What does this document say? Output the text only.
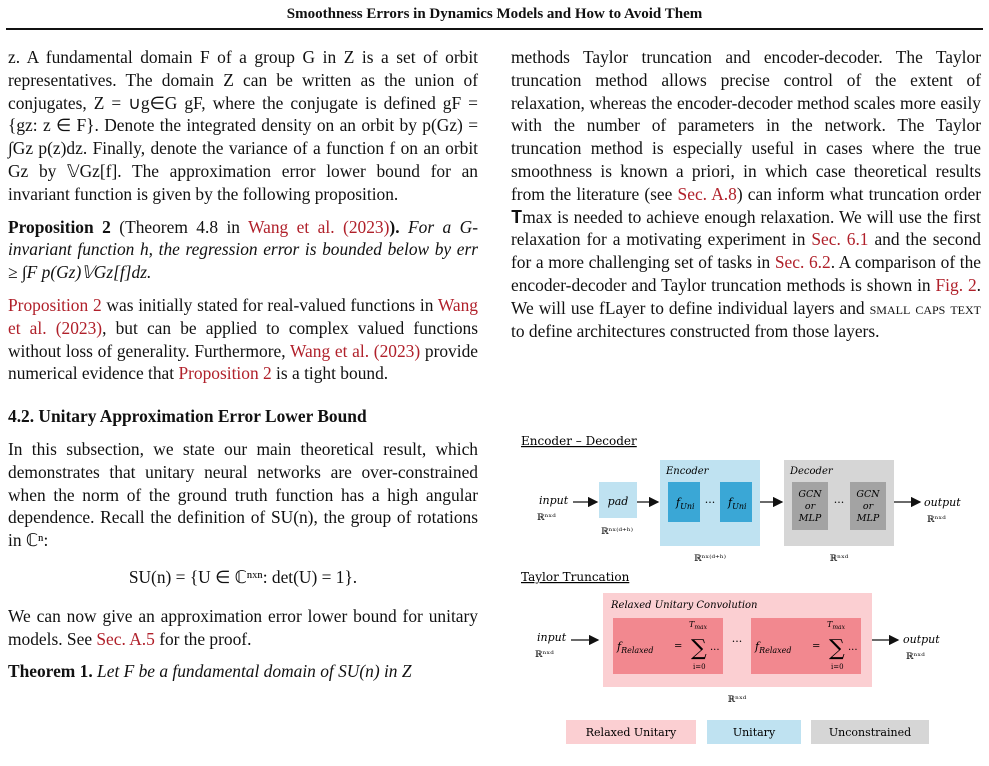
Smoothness Errors in Dynamics Models and How to Avoid Them

z. A fundamental domain F of a group G in Z is a set of orbit representatives. The domain Z can be written as the union of conjugates, Z = ∪g∈G gF, where the conjugate is defined gF = {gz: z ∈ F}. Denote the integrated density on an orbit by p(Gz) = ∫Gz p(z)dz. Finally, denote the variance of a function f on an orbit Gz by 𝕍Gz[f]. The approximation error lower bound for an invariant function is given by the following proposition.

Proposition 2 (Theorem 4.8 in Wang et al. (2023)). For a G-invariant function h, the regression error is bounded below by err ≥ ∫F p(Gz)𝕍Gz[f]dz.

Proposition 2 was initially stated for real-valued functions in Wang et al. (2023), but can be applied to complex valued functions without loss of generality. Furthermore, Wang et al. (2023) provide numerical evidence that Proposition 2 is a tight bound.

4.2. Unitary Approximation Error Lower Bound

In this subsection, we state our main theoretical result, which demonstrates that unitary neural networks are over-constrained when the norm of the ground truth function has a high angular dependence. Recall the definition of SU(n), the group of rotations in ℂⁿ:

SU(n) = {U ∈ ℂⁿˣⁿ: det(U) = 1}.

We can now give an approximation error lower bound for unitary models. See Sec. A.5 for the proof.

Theorem 1. Let F be a fundamental domain of SU(n) in Z

methods Taylor truncation and encoder-decoder. The Taylor truncation method allows precise control of the extent of relaxation, whereas the encoder-decoder method scales more easily with the number of parameters in the network. The Taylor truncation method is especially useful in cases where the true smoothness is known a priori, in which case theoretical results from the literature (see Sec. A.8) can inform what truncation order 𝐓max is needed to achieve enough relaxation. We will use the first relaxation for a motivating experiment in Sec. 6.1 and the second for a more challenging set of tasks in Sec. 6.2. A comparison of the encoder-decoder and Taylor truncation methods is shown in Fig. 2. We will use fLayer to define individual layers and small caps text to define architectures constructed from those layers.

Encoder – Decoder
input
ℝⁿˣᵈ
pad
ℝⁿˣ⁽ᵈ⁺ʰ⁾
Encoder
$f_{Uni}$ ··· $f_{Uni}$
ℝⁿˣ⁽ᵈ⁺ʰ⁾
Decoder
GCN
or
MLP
···
GCN
or
MLP
ℝⁿˣᵈ
output
ℝⁿˣᵈ
Taylor Truncation
input
ℝⁿˣᵈ
Relaxed Unitary Convolution
$f_{Relaxed}$ =
$T_{max}$
∑
i=0
... ··· $f_{Relaxed}$ =
$T_{max}$
∑
i=0
...
ℝⁿˣᵈ
output
ℝⁿˣᵈ
Relaxed Unitary	Unitary	Unconstrained
